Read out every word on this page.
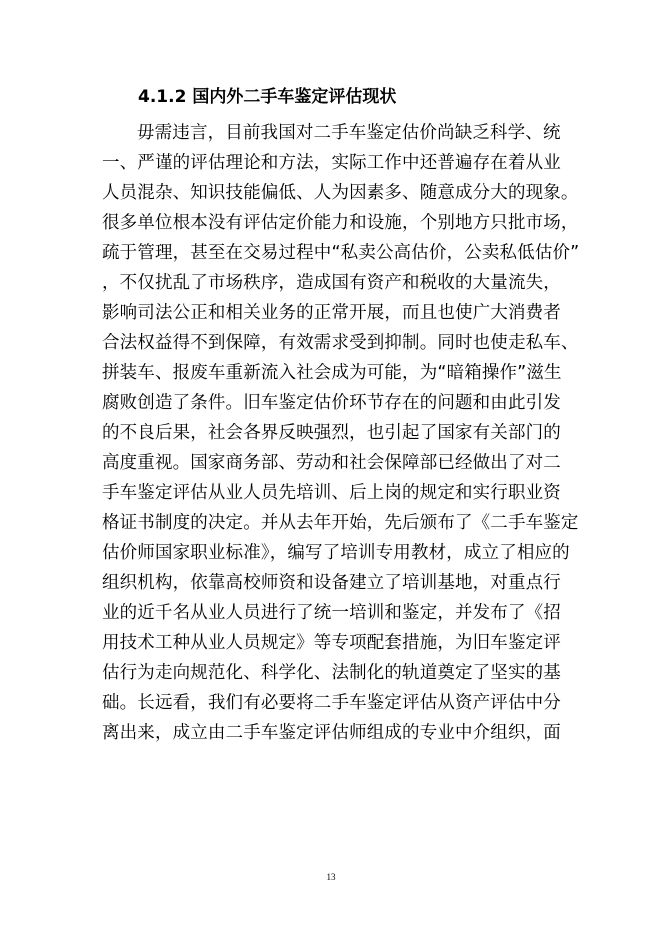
4.1.2 国内外二手车鉴定评估现状
毋需违言，目前我国对二手车鉴定估价尚缺乏科学、统
一、严谨的评估理论和方法，实际工作中还普遍存在着从业
人员混杂、知识技能偏低、人为因素多、随意成分大的现象。
很多单位根本没有评估定价能力和设施，个别地方只批市场，
疏于管理，甚至在交易过程中“私卖公高估价，公卖私低估价”
，不仅扰乱了市场秩序，造成国有资产和税收的大量流失，
影响司法公正和相关业务的正常开展，而且也使广大消费者
合法权益得不到保障，有效需求受到抑制。同时也使走私车、
拼装车、报废车重新流入社会成为可能，为“暗箱操作”滋生
腐败创造了条件。旧车鉴定估价环节存在的问题和由此引发
的不良后果，社会各界反映强烈，也引起了国家有关部门的
高度重视。国家商务部、劳动和社会保障部已经做出了对二
手车鉴定评估从业人员先培训、后上岗的规定和实行职业资
格证书制度的决定。并从去年开始，先后颁布了《二手车鉴定
估价师国家职业标准》，编写了培训专用教材，成立了相应的
组织机构，依靠高校师资和设备建立了培训基地，对重点行
业的近千名从业人员进行了统一培训和鉴定，并发布了《招
用技术工种从业人员规定》等专项配套措施，为旧车鉴定评
估行为走向规范化、科学化、法制化的轨道奠定了坚实的基
础。长远看，我们有必要将二手车鉴定评估从资产评估中分
离出来，成立由二手车鉴定评估师组成的专业中介组织，面
13
